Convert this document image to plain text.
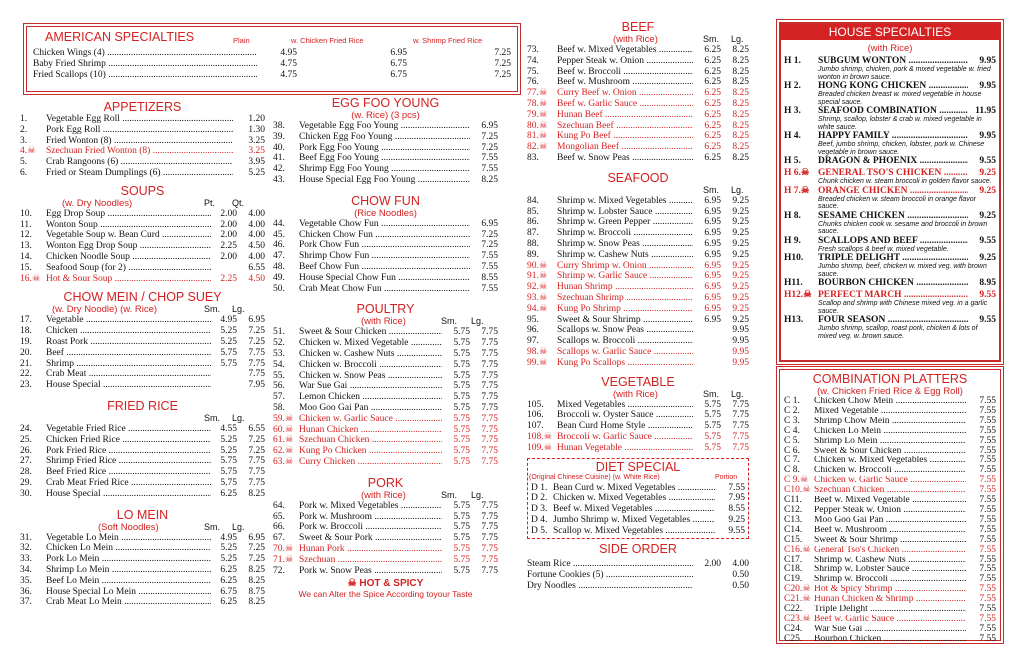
AMERICAN SPECIALTIES	Plain	w. Chicken Fried Rice	w. Shrimp Fried Rice
Chicken Wings (4) .....	4.95	6.95	7.25
Baby Fried Shrimp .....	4.75	6.75	7.25
Fried Scallops (10) .....	4.75	6.75	7.25
APPETIZERS
1.	Vegetable Egg Roll .....	1.20
2.	Pork Egg Roll .....	1.30
3.	Fried Wonton (8) .....	3.25
4.☠	Szechuan Fried Wonton (8) .....	3.25
5.	Crab Rangoons (6) .....	3.95
6.	Fried or Steam Dumplings (6) .....	5.25
SOUPS
(w. Dry Noodles)	Pt. Qt.
10.	Egg Drop Soup .....	2.00	4.00
11.	Wonton Soup .....	2.00	4.00
12.	Vegetable Soup w. Bean Curd .....	2.00	4.00
13.	Wonton Egg Drop Soup .....	2.25	4.50
14.	Chicken Noodle Soup .....	2.00	4.00
15.	Seafood Soup (for 2) .....	6.55
16.☠ Hot & Sour Soup .....	2.25	4.50
CHOW MEIN / CHOP SUEY
(w. Dry Noodle) (w. Rice)	Sm. Lg.
17.	Vegetable .....	4.95	6.95
18.	Chicken .....	5.25	7.25
19.	Roast Pork .....	5.25	7.25
20.	Beef .....	5.75	7.75
21.	Shrimp .....	5.75	7.75
22.	Crab Meat .....	7.75
23.	House Special .....	7.95
FRIED RICE
Sm. Lg.
24.	Vegetable Fried Rice .....	4.55	6.55
25.	Chicken Fried Rice .....	5.25	7.25
26.	Pork Fried Rice .....	5.25	7.25
27.	Shrimp Fried Rice .....	5.75	7.75
28.	Beef Fried Rice .....	5.75	7.75
29.	Crab Meat Fried Rice .....	5.75	7.75
30.	House Special .....	6.25	8.25
LO MEIN
(Soft Noodles)	Sm. Lg.
31.	Vegetable Lo Mein .....	4.95	6.95
32.	Chicken Lo Mein .....	5.25	7.25
33.	Pork Lo Mein .....	5.25	7.25
34.	Shrimp Lo Mein .....	6.25	8.25
35.	Beef Lo Mein .....	6.25	8.25
36.	House Special Lo Mein .....	6.75	8.75
37.	Crab Meat Lo Mein .....	6.25	8.25
EGG FOO YOUNG
(w. Rice) (3 pcs)
38.	Vegetable Egg Foo Young .....	6.95
39.	Chicken Egg Foo Young .....	7.25
40.	Pork Egg Foo Young .....	7.25
41.	Beef Egg Foo Young .....	7.55
42.	Shrimp Egg Foo Young .....	7.55
43.	House Special Egg Foo Young .....	8.25
CHOW FUN
(Rice Noodles)
44.	Vegetable Chow Fun .....	6.95
45.	Chicken Chow Fun .....	7.25
46.	Pork Chow Fun .....	7.25
47.	Shrimp Chow Fun .....	7.55
48.	Beef Chow Fun .....	7.55
49.	House Special Chow Fun .....	8.55
50.	Crab Meat Chow Fun .....	7.55
POULTRY
(with Rice)	Sm. Lg.
51.	Sweet & Sour Chicken .....	5.75	7.75
52.	Chicken w. Mixed Vegetable .....	5.75	7.75
53.	Chicken w. Cashew Nuts .....	5.75	7.75
54.	Chicken w. Broccoli .....	5.75	7.75
55.	Chicken w. Snow Peas .....	5.75	7.75
56.	War Sue Gai .....	5.75	7.75
57.	Lemon Chicken .....	5.75	7.75
58.	Moo Goo Gai Pan .....	5.75	7.75
59.☠ Chicken w. Garlic Sauce .....	5.75	7.75
60.☠ Hunan Chicken .....	5.75	7.75
61.☠ Szechuan Chicken .....	5.75	7.75
62.☠ Kung Po Chicken .....	5.75	7.75
63.☠ Curry Chicken .....	5.75	7.75
PORK
(with Rice)	Sm. Lg.
64.	Pork w. Mixed Vegetables .....	5.75	7.75
65.	Pork w. Mushroom .....	5.75	7.75
66.	Pork w. Broccoli .....	5.75	7.75
67.	Sweet & Sour Pork .....	5.75	7.75
70.☠ Hunan Pork .....	5.75	7.75
71.☠ Szechuan .....	5.75	7.75
72.	Pork w. Snow Peas .....	5.75	7.75
☠ HOT & SPICY
We can Alter the Spice According toyour Taste
BEEF
(with Rice)	Sm. Lg.
73.	Beef w. Mixed Vegetables .....	6.25	8.25
74.	Pepper Steak w. Onion .....	6.25	8.25
75.	Beef w. Broccoli .....	6.25	8.25
76.	Beef w. Mushroom .....	6.25	8.25
77.☠	Curry Beef w. Onion .....	6.25	8.25
78.☠	Beef w. Garlic Sauce .....	6.25	8.25
79.☠	Hunan Beef .....	6.25	8.25
80.☠	Szechuan Beef .....	6.25	8.25
81.☠	Kung Po Beef .....	6.25	8.25
82.☠	Mongolian Beef .....	6.25	8.25
83.	Beef w. Snow Peas .....	6.25	8.25
SEAFOOD
Sm. Lg.
84.	Shrimp w. Mixed Vegetables .....	6.95	9.25
85.	Shrimp w. Lobster Sauce .....	6.95	9.25
86.	Shrimp w. Green Pepper .....	6.95	9.25
87.	Shrimp w. Broccoli .....	6.95	9.25
88.	Shrimp w. Snow Peas .....	6.95	9.25
89.	Shrimp w. Cashew Nuts .....	6.95	9.25
90.☠	Curry Shrimp w. Onion .....	6.95	9.25
91.☠	Shrimp w. Garlic Sauce .....	6.95	9.25
92.☠	Hunan Shrimp .....	6.95	9.25
93.☠	Szechuan Shrimp .....	6.95	9.25
94.☠	Kung Po Shrimp .....	6.95	9.25
95.	Sweet & Sour Shrimp .....	6.95	9.25
96.	Scallops w. Snow Peas .....	9.95
97.	Scallops w. Broccoli .....	9.95
98.☠	Scallops w. Garlic Sauce .....	9.95
99.☠	Kung Po Scallops .....	9.95
VEGETABLE
(with Rice)	Sm. Lg.
105.	Mixed Vegetables .....	5.75	7.75
106.	Broccoli w. Oyster Sauce .....	5.75	7.75
107.	Bean Curd Home Style .....	5.75	7.75
108.☠ Broccoli w. Garlic Sauce .....	5.75	7.75
109.☠ Hunan Vegetable .....	5.75	7.75
DIET SPECIAL
(Original Chinese Cuisine) (w. White Rice)	Portion
D 1. Bean Curd w. Mixed Vegetables .....	7.55
D 2. Chicken w. Mixed Vegetables .....	7.95
D 3. Beef w. Mixed Vegetables .....	8.55
D 4. Jumbo Shrimp w. Mixed Vegetables .....	9.25
D 5. Scallop w. Mixed Vegetables .....	9.55
SIDE ORDER
Steam Rice .....	2.00	4.00
Fortune Cookies (5) .....	0.50
Dry Noodles .....	0.50
HOUSE SPECIALTIES
(with Rice)
H 1.	SUBGUM WONTON .....	9.95
Jumbo shrimp, chicken, pork & mixed vegetable w. fried wonton in brown sauce.
H 2.	HONG KONG CHICKEN .....	9.95
Breaded chicken breast w. mixed vegetable in house special sauce.
H 3.	SEAFOOD COMBINATION .....	11.95
Shrimp, scallop, lobster & crab w. mixed vegetable in white sauce.
H 4.	HAPPY FAMILY .....	9.95
Beef, jumbo shrimp, chicken, lobster, pork w. Chinese vegetable in brown sauce.
H 5.	DRAGON & PHOENIX .....	9.55
H 6.☠ GENERAL TSO'S CHICKEN .....	9.25
Chunk chicken w. steam broccoli in golden flavor sauce.
H 7.☠ ORANGE CHICKEN .....	9.25
Breaded chicken w. steam broccoli in orange flavor sauce.
H 8.	SESAME CHICKEN .....	9.25
Chunks chicken cook w. sesame and broccoli in brown sauce.
H 9.	SCALLOPS AND BEEF .....	9.55
Fresh scallops & beef w. mixed vegetable.
H10.	TRIPLE DELIGHT .....	9.25
Jumbo shrimp, beef, chicken w. mixed veg. with brown sauce.
H11.	BOURBON CHICKEN .....	8.95
H12.☠ PERFECT MARCH .....	9.55
Scallop and shrimp with Chinese mixed veg. in a garlic sauce.
H13.	FOUR SEASON .....	9.55
Jumbo shrimp, scallop, roast pork, chicken & lots of mixed veg. w. brown sauce.
COMBINATION PLATTERS
(w. Chicken Fried Rice & Egg Roll)
C 1.	Chicken Chow Mein .....	7.55
C 2.	Mixed Vegetable .....	7.55
C 3.	Shrimp Chow Mein .....	7.55
C 4.	Chicken Lo Mein .....	7.55
C 5.	Shrimp Lo Mein .....	7.55
C 6.	Sweet & Sour Chicken .....	7.55
C 7.	Chicken w. Mixed Vegetables .....	7.55
C 8.	Chicken w. Broccoli .....	7.55
C 9.☠ Chicken w. Garlic Sauce .....	7.55
C10.☠ Szechuan Chicken .....	7.55
C11.	Beef w. Mixed Vegetable .....	7.55
C12.	Pepper Steak w. Onion .....	7.55
C13.	Moo Goo Gai Pan .....	7.55
C14.	Beef w. Mushroom .....	7.55
C15.	Sweet & Sour Shrimp .....	7.55
C16.☠ General Tso's Chicken .....	7.55
C17.	Shrimp w. Cashew Nuts .....	7.55
C18.	Shrimp w. Lobster Sauce .....	7.55
C19.	Shrimp w. Broccoli .....	7.55
C20.☠ Hot & Spicy Shrimp .....	7.55
C21.☠ Hunan Chicken & Shrimp .....	7.55
C22.	Triple Delight .....	7.55
C23.☠ Beef w. Garlic Sauce .....	7.55
C24.	War Sue Gai .....	7.55
C25.	Bourbon Chicken .....	7.55
